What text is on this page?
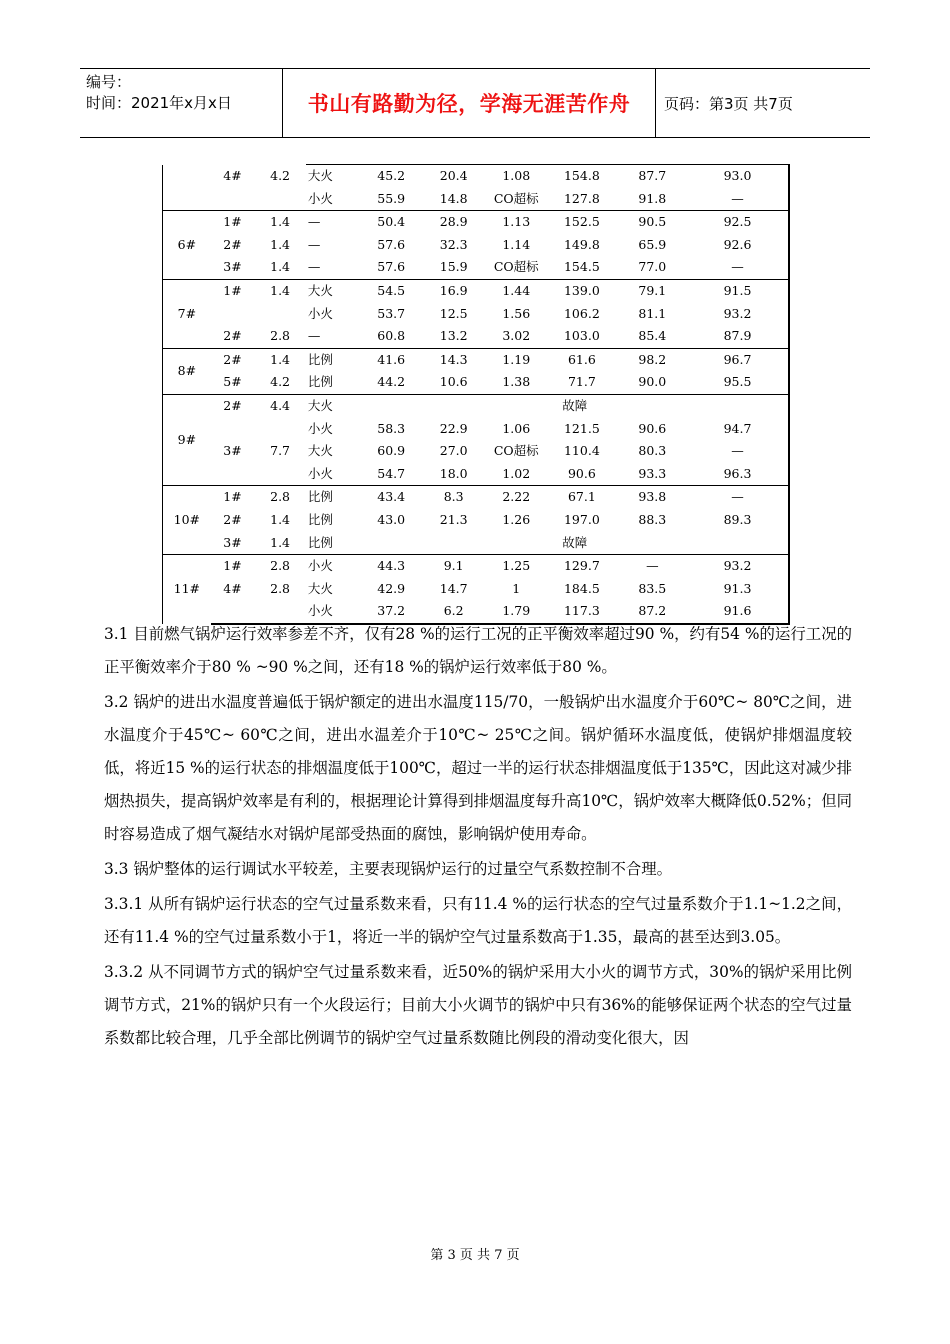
编号：
时间：2021年x月x日	书山有路勤为径，学海无涯苦作舟	页码：第3页 共7页
	4#	4.2	大火	45.2	20.4	1.08	154.8	87.7	93.0
			小火	55.9	14.8	CO超标	127.8	91.8	—
6#	1#	1.4	—	50.4	28.9	1.13	152.5	90.5	92.5
	2#	1.4	—	57.6	32.3	1.14	149.8	65.9	92.6
	3#	1.4	—	57.6	15.9	CO超标	154.5	77.0	—
7#	1#	1.4	大火	54.5	16.9	1.44	139.0	79.1	91.5
			小火	53.7	12.5	1.56	106.2	81.1	93.2
	2#	2.8	—	60.8	13.2	3.02	103.0	85.4	87.9
8#	2#	1.4	比例	41.6	14.3	1.19	61.6	98.2	96.7
	5#	4.2	比例	44.2	10.6	1.38	71.7	90.0	95.5
9#	2#	4.4	大火	故障					
			小火	58.3	22.9	1.06	121.5	90.6	94.7
	3#	7.7	大火	60.9	27.0	CO超标	110.4	80.3	—
			小火	54.7	18.0	1.02	90.6	93.3	96.3
10#	1#	2.8	比例	43.4	8.3	2.22	67.1	93.8	—
	2#	1.4	比例	43.0	21.3	1.26	197.0	88.3	89.3
	3#	1.4	比例	故障					
11#	1#	2.8	小火	44.3	9.1	1.25	129.7	—	93.2
	4#	2.8	大火	42.9	14.7	1	184.5	83.5	91.3
			小火	37.2	6.2	1.79	117.3	87.2	91.6

3.1 目前燃气锅炉运行效率参差不齐，仅有28 %的运行工况的正平衡效率超过90 %，约有54 %的运行工况的正平衡效率介于80 % ~90 %之间，还有18 %的锅炉运行效率低于80 %。

3.2 锅炉的进出水温度普遍低于锅炉额定的进出水温度115/70，一般锅炉出水温度介于60℃~ 80℃之间，进水温度介于45℃~ 60℃之间，进出水温差介于10℃~ 25℃之间。锅炉循环水温度低，使锅炉排烟温度较低，将近15 %的运行状态的排烟温度低于100℃，超过一半的运行状态排烟温度低于135℃，因此这对减少排烟热损失，提高锅炉效率是有利的，根据理论计算得到排烟温度每升高10℃，锅炉效率大概降低0.52%；但同时容易造成了烟气凝结水对锅炉尾部受热面的腐蚀，影响锅炉使用寿命。

3.3 锅炉整体的运行调试水平较差，主要表现锅炉运行的过量空气系数控制不合理。

3.3.1 从所有锅炉运行状态的空气过量系数来看，只有11.4 %的运行状态的空气过量系数介于1.1~1.2之间，还有11.4 %的空气过量系数小于1，将近一半的锅炉空气过量系数高于1.35，最高的甚至达到3.05。

3.3.2 从不同调节方式的锅炉空气过量系数来看，近50%的锅炉采用大小火的调节方式，30%的锅炉采用比例调节方式，21%的锅炉只有一个火段运行；目前大小火调节的锅炉中只有36%的能够保证两个状态的空气过量系数都比较合理，几乎全部比例调节的锅炉空气过量系数随比例段的滑动变化很大，因

第 3 页 共 7 页
